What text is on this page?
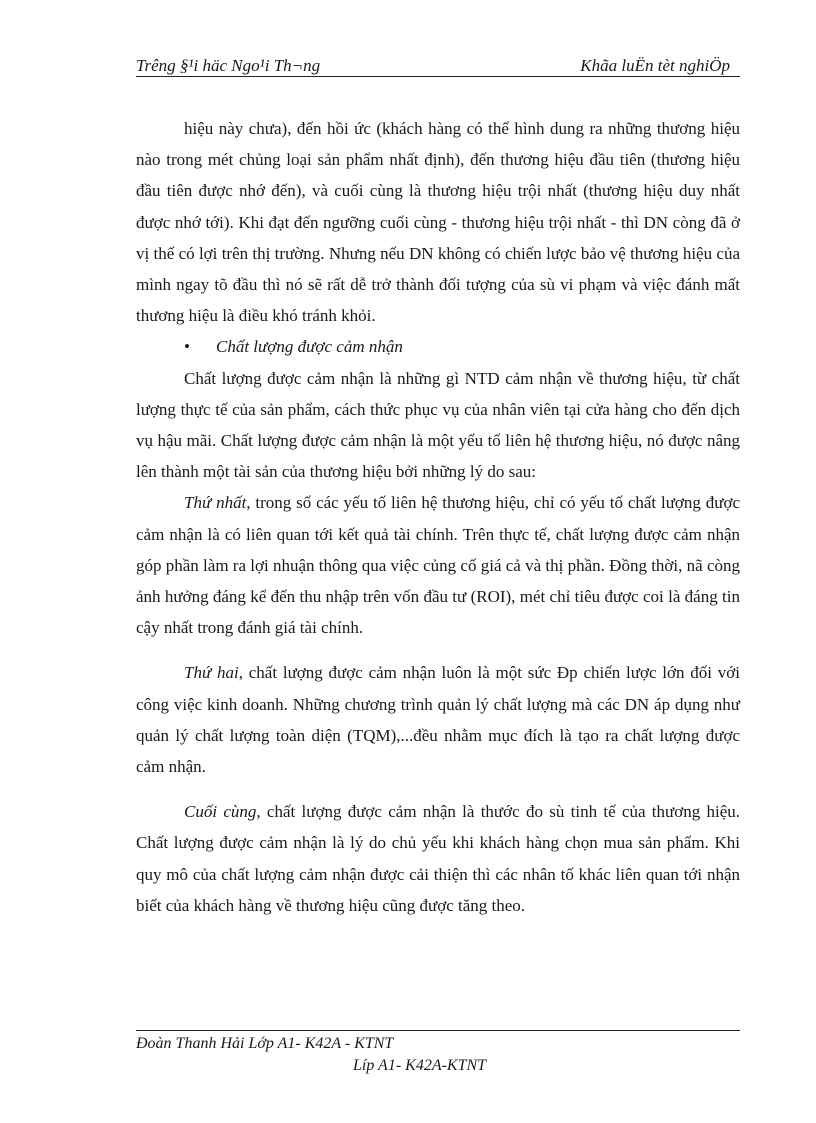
Trêng §¹i häc Ngo¹i Th¬ng	Khãa luËn tèt nghiÖp

hiệu này chưa), đến hồi ức (khách hàng có thể hình dung ra những thương hiệu nào trong mét chủng loại sản phẩm nhất định), đến thương hiệu đầu tiên (thương hiệu đầu tiên được nhớ đến), và cuối cùng là thương hiệu trội nhất (thương hiệu duy nhất được nhớ tới). Khi đạt đến ngưỡng cuối cùng - thương hiệu trội nhất - thì DN còng đã ở vị thế có lợi trên thị trường. Nhưng nếu DN không có chiến lược bảo vệ thương hiệu của mình ngay tõ đầu thì nó sẽ rất dễ trở thành đối tượng của sù vi phạm và việc đánh mất thương hiệu là điều khó tránh khỏi.

• Chất lượng được cảm nhận

Chất lượng được cảm nhận là những gì NTD cảm nhận về thương hiệu, từ chất lượng thực tế của sản phẩm, cách thức phục vụ của nhân viên tại cửa hàng cho đến dịch vụ hậu mãi. Chất lượng được cảm nhận là một yếu tố liên hệ thương hiệu, nó được nâng lên thành một tài sản của thương hiệu bởi những lý do sau:

Thứ nhất, trong số các yếu tố liên hệ thương hiệu, chỉ có yếu tố chất lượng được cảm nhận là có liên quan tới kết quả tài chính. Trên thực tế, chất lượng được cảm nhận góp phần làm ra lợi nhuận thông qua việc củng cố giá cả và thị phần. Đồng thời, nã còng ảnh hưởng đáng kể đến thu nhập trên vốn đầu tư (ROI), mét chỉ tiêu được coi là đáng tin cậy nhất trong đánh giá tài chính.

Thứ hai, chất lượng được cảm nhận luôn là một sức Ðp chiến lược lớn đối với công việc kinh doanh. Những chương trình quản lý chất lượng mà các DN áp dụng như quản lý chất lượng toàn diện (TQM),...đều nhằm mục đích là tạo ra chất lượng được cảm nhận.

Cuối cùng, chất lượng được cảm nhận là thước đo sù tinh tế của thương hiệu. Chất lượng được cảm nhận là lý do chủ yếu khi khách hàng chọn mua sản phẩm. Khi quy mô của chất lượng cảm nhận được cải thiện thì các nhân tố khác liên quan tới nhận biết của khách hàng về thương hiệu cũng được tăng theo.

Đoàn Thanh Hải Lớp A1- K42A - KTNT
Líp A1- K42A-KTNT
